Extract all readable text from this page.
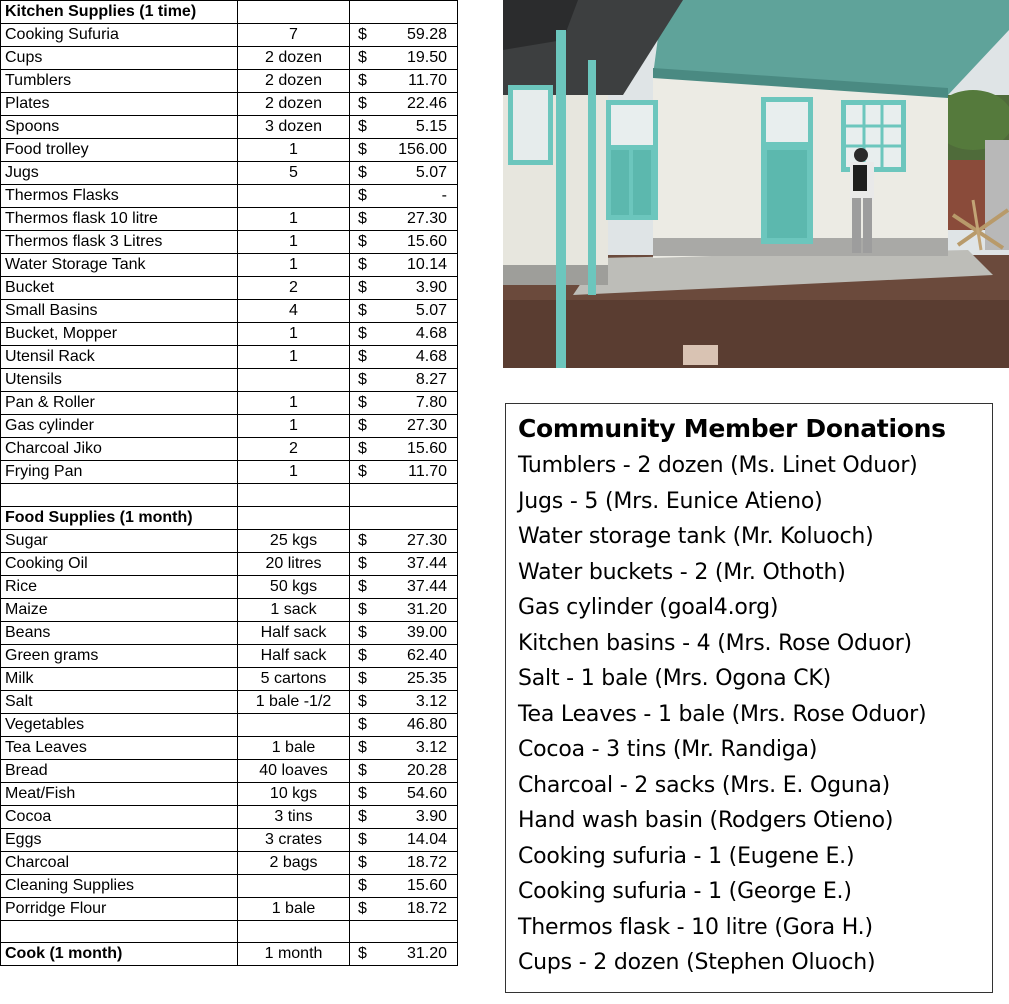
Kitchen Supplies (1 time)		
Cooking Sufuria	7	$ 59.28

Cups	2 dozen	$ 19.50

Tumblers	2 dozen	$ 11.70

Plates	2 dozen	$ 22.46

Spoons	3 dozen	$ 5.15

Food trolley	1	$ 156.00

Jugs	5	$ 5.07

Thermos Flasks		$ -

Thermos flask 10 litre	1	$ 27.30

Thermos flask 3 Litres	1	$ 15.60

Water Storage Tank	1	$ 10.14

Bucket	2	$ 3.90

Small Basins	4	$ 5.07

Bucket, Mopper	1	$ 4.68

Utensil Rack	1	$ 4.68

Utensils		$ 8.27

Pan & Roller	1	$ 7.80

Gas cylinder	1	$ 27.30

Charcoal Jiko	2	$ 15.60

Frying Pan	1	$ 11.70

Food Supplies (1 month)		
Sugar	25 kgs	$ 27.30

Cooking Oil	20 litres	$ 37.44

Rice	50 kgs	$ 37.44

Maize	1 sack	$ 31.20

Beans	Half sack	$ 39.00

Green grams	Half sack	$ 62.40

Milk	5 cartons	$ 25.35

Salt	1 bale -1/2	$ 3.12

Vegetables		$ 46.80

Tea Leaves	1 bale	$ 3.12

Bread	40 loaves	$ 20.28

Meat/Fish	10 kgs	$ 54.60

Cocoa	3 tins	$ 3.90

Eggs	3 crates	$ 14.04

Charcoal	2 bags	$ 18.72

Cleaning Supplies		$ 15.60

Porridge Flour	1 bale	$ 18.72

Cook (1 month)	1 month	$ 31.20
Community Member Donations
Tumblers - 2 dozen (Ms. Linet Oduor)
Jugs - 5 (Mrs. Eunice Atieno)
Water storage tank (Mr. Koluoch)
Water buckets - 2 (Mr. Othoth)
Gas cylinder (goal4.org)
Kitchen basins - 4 (Mrs. Rose Oduor)
Salt - 1 bale (Mrs. Ogona CK)
Tea Leaves - 1 bale (Mrs. Rose Oduor)
Cocoa - 3 tins (Mr. Randiga)
Charcoal - 2 sacks (Mrs. E. Oguna)
Hand wash basin (Rodgers Otieno)
Cooking sufuria - 1 (Eugene E.)
Cooking sufuria - 1 (George E.)
Thermos flask - 10 litre (Gora H.)
Cups - 2 dozen (Stephen Oluoch)
